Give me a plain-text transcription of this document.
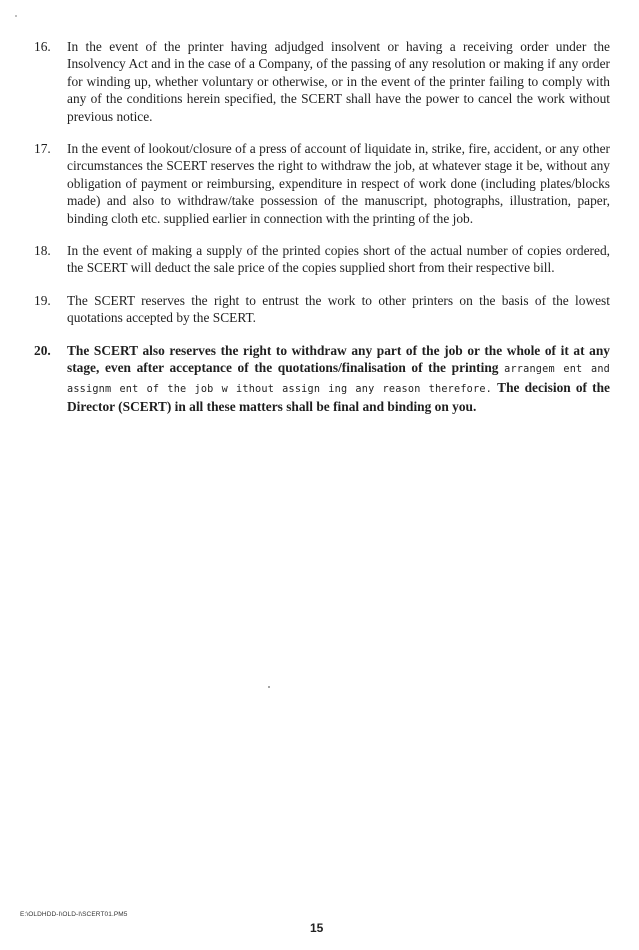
16.	In the event of the printer having adjudged insolvent or having a receiving order under the Insolvency Act and in the case of a Company, of the passing of any resolution or making if any order for winding up, whether voluntary or otherwise, or in the event of the printer failing to comply with any of the conditions herein specified, the SCERT shall have the power to cancel the work without previous notice.
17.	In the event of lookout/closure of a press of account of liquidate in, strike, fire, accident, or any other circumstances the SCERT reserves the right to withdraw the job, at whatever stage it be, without any obligation of payment or reimbursing, expenditure in respect of work done (including plates/blocks made) and also to withdraw/take possession of the manuscript, photographs, illustration, paper, binding cloth etc. supplied earlier in connection with the printing of the job.
18.	In the event of making a supply of the printed copies short of the actual number of copies ordered, the SCERT will deduct the sale price of the copies supplied short from their respective bill.
19.	The SCERT reserves the right to entrust the work to other printers on the basis of the lowest quotations accepted by the SCERT.
20.	The SCERT also reserves the right to withdraw any part of the job or the whole of it at any stage, even after acceptance of the quotations/finalisation of the printing arrangem ent and assignm ent of the job w ithout assign ing any reason therefore. The decision of the Director (SCERT) in all these matters shall be final and binding on you.
E:\OLDHDD-I\OLD-I\SCERT01.PM5
15
